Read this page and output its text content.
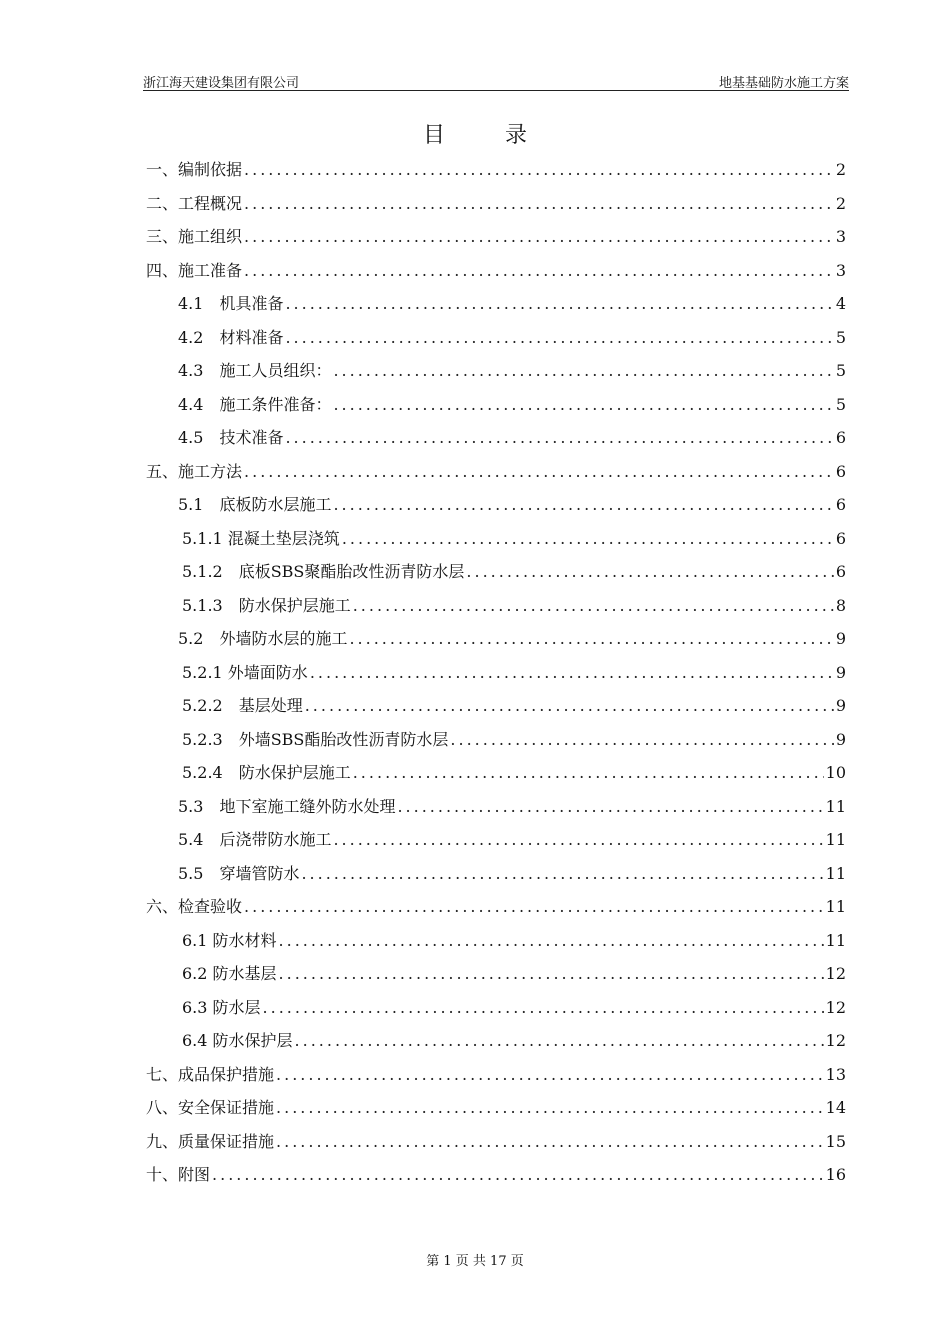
浙江海天建设集团有限公司	地基基础防水施工方案
目录
一、编制依据 .....	2
二、工程概况 .....	2
三、施工组织 .....	3
四、施工准备 .....	3
4.1　机具准备 .....	4
4.2　材料准备 .....	5
4.3　施工人员组织： .....	5
4.4　施工条件准备： .....	5
4.5　技术准备 .....	6
五、施工方法 .....	6
5.1　底板防水层施工 .....	6
5.1.1 混凝土垫层浇筑 .....	6
5.1.2　底板SBS聚酯胎改性沥青防水层 .....	6
5.1.3　防水保护层施工 .....	8
5.2　外墙防水层的施工 .....	9
5.2.1 外墙面防水 .....	9
5.2.2　基层处理 .....	9
5.2.3　外墙SBS酯胎改性沥青防水层 .....	9
5.2.4　防水保护层施工 .....	10
5.3　地下室施工缝外防水处理 .....	11
5.4　后浇带防水施工 .....	11
5.5　穿墙管防水 .....	11
六、检查验收 .....	11
6.1 防水材料 .....	11
6.2 防水基层 .....	12
6.3 防水层 .....	12
6.4 防水保护层 .....	12
七、成品保护措施 .....	13
八、安全保证措施 .....	14
九、质量保证措施 .....	15
十、附图 .....	16
第 1 页 共 17 页
